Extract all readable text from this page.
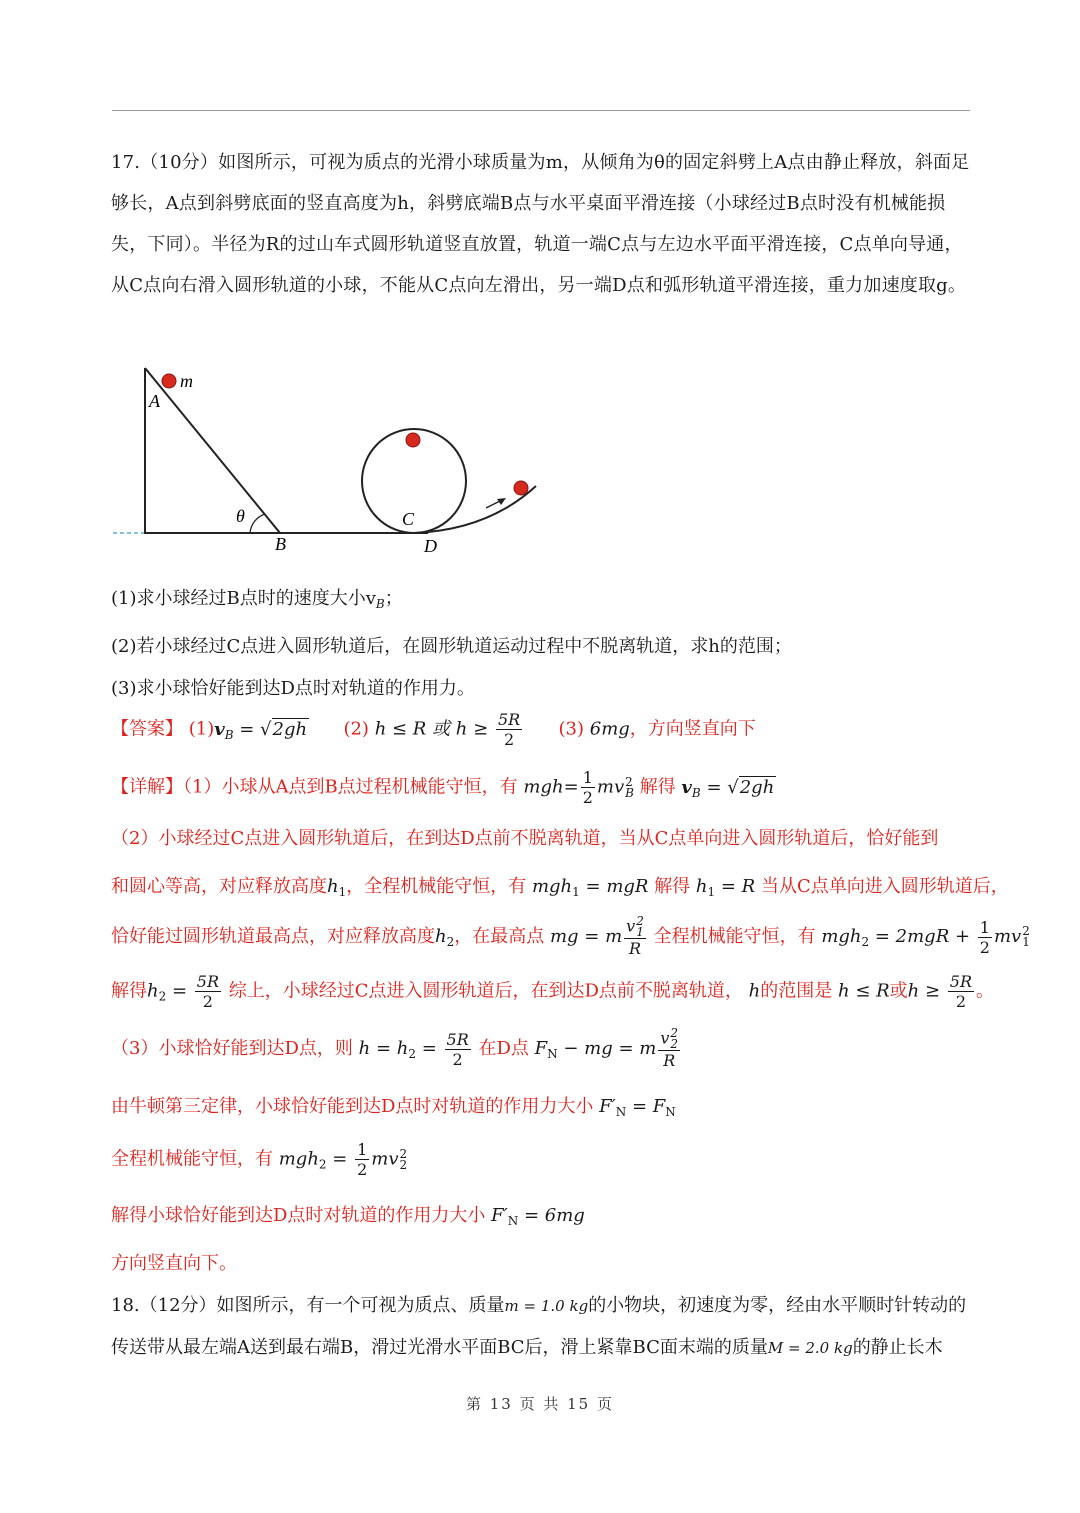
17.（10分）如图所示，可视为质点的光滑小球质量为m，从倾角为θ的固定斜劈上A点由静止释放，斜面足够长，A点到斜劈底面的竖直高度为h，斜劈底端B点与水平桌面平滑连接（小球经过B点时没有机械能损失，下同）。半径为R的过山车式圆形轨道竖直放置，轨道一端C点与左边水平面平滑连接，C点单向导通，从C点向右滑入圆形轨道的小球，不能从C点向左滑出，另一端D点和弧形轨道平滑连接，重力加速度取g。
m
A
θ
B
C
D
(1)求小球经过B点时的速度大小$v_B$；
(2)若小球经过C点进入圆形轨道后，在圆形轨道运动过程中不脱离轨道，求h的范围；
(3)求小球恰好能到达D点时对轨道的作用力。
【答案】 $(1)v_B = √2gh$ (2) h ≤ R 或 $h \ge \frac{5R}{2} (3)$ 6mg，方向竖直向下
【详解】（1）小球从A点到B点过程机械能守恒，有 $mgh= \frac{1}{2}$ mv 2
B 解得 $v_B = √2gh$
（2）小球经过C点进入圆形轨道后，在到达D点前不脱离轨道，当从C点单向进入圆形轨道后，恰好能到
和圆心等高，对应释放高度$h_1$，全程机械能守恒，有 mgh$_1$ = mgR 解得 $h_1 = R$ 当从C点单向进入圆形轨道后，
恰好能过圆形轨道最高点，对应释放高度$h_2$，在最高点 mg = m v 2
1
R 全程机械能守恒，有 $mgh_2 = 2mgR + \frac{1}{2}$ mv 2
1
解得$h_2 = \frac{5R}{2}$ 综上，小球经过C点进入圆形轨道后，在到达D点前不脱离轨道， h的范围是 h ≤ R或$h \ge \frac{5R}{2}$ 。
（3）小球恰好能到达D点，则 $h = h_2 = \frac{5R}{2}$ 在D点 $F_N$ − mg = m v 2
2
R
由牛顿第三定律，小球恰好能到达D点时对轨道的作用力大小 $F'_N = F_N$
全程机械能守恒，有 $mgh_2 = \frac{1}{2}$ mv 2
2
解得小球恰好能到达D点时对轨道的作用力大小 $F'_N = 6mg$
方向竖直向下。
18.（12分）如图所示，有一个可视为质点、质量m = 1.0 kg的小物块，初速度为零，经由水平顺时针转动的
传送带从最左端A送到最右端B，滑过光滑水平面BC后，滑上紧靠BC面末端的质量M = 2.0 kg的静止长木
第 13 页 共 15 页
